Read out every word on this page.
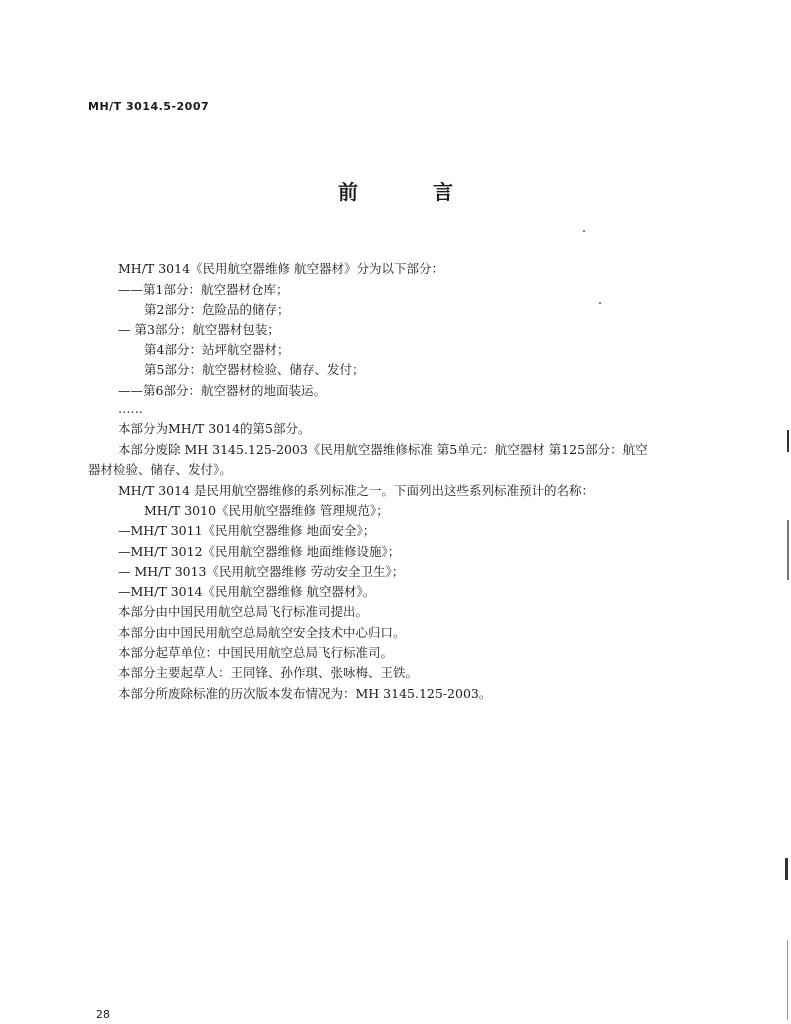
MH/T 3014.5-2007
前 言
MH/T 3014《民用航空器维修 航空器材》分为以下部分：
——第1部分：航空器材仓库；
第2部分：危险品的储存；
— 第3部分：航空器材包装；
第4部分：站坪航空器材；
第5部分：航空器材检验、储存、发付；
——第6部分：航空器材的地面装运。
……
本部分为MH/T 3014的第5部分。
本部分废除 MH 3145.125-2003《民用航空器维修标准 第5单元：航空器材 第125部分：航空
器材检验、储存、发付》。
MH/T 3014 是民用航空器维修的系列标准之一。下面列出这些系列标准预计的名称：
MH/T 3010《民用航空器维修 管理规范》；
—MH/T 3011《民用航空器维修 地面安全》；
—MH/T 3012《民用航空器维修 地面维修设施》；
— MH/T 3013《民用航空器维修 劳动安全卫生》；
—MH/T 3014《民用航空器维修 航空器材》。
本部分由中国民用航空总局飞行标准司提出。
本部分由中国民用航空总局航空安全技术中心归口。
本部分起草单位：中国民用航空总局飞行标准司。
本部分主要起草人：王同锋、孙作琪、张咏梅、王铁。
本部分所废除标准的历次版本发布情况为：MH 3145.125-2003。
28
